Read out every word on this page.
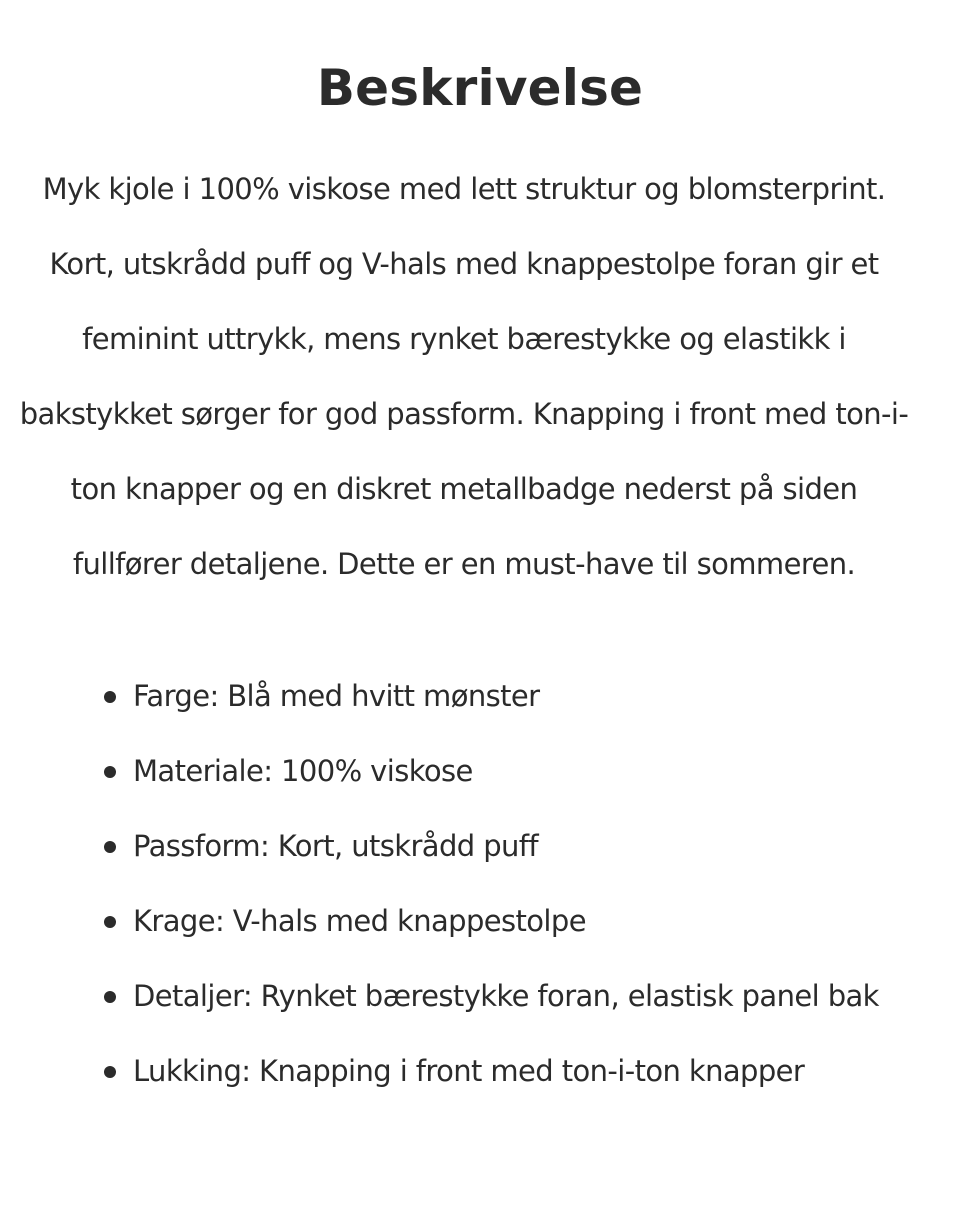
Beskrivelse

Myk kjole i 100% viskose med lett struktur og blomsterprint. Kort, utskrådd puff og V-hals med knappestolpe foran gir et feminint uttrykk, mens rynket bærestykke og elastikk i bakstykket sørger for god passform. Knapping i front med ton-i-ton knapper og en diskret metallbadge nederst på siden fullfører detaljene. Dette er en must-have til sommeren.

Farge: Blå med hvitt mønster
Materiale: 100% viskose
Passform: Kort, utskrådd puff
Krage: V-hals med knappestolpe
Detaljer: Rynket bærestykke foran, elastisk panel bak
Lukking: Knapping i front med ton-i-ton knapper
